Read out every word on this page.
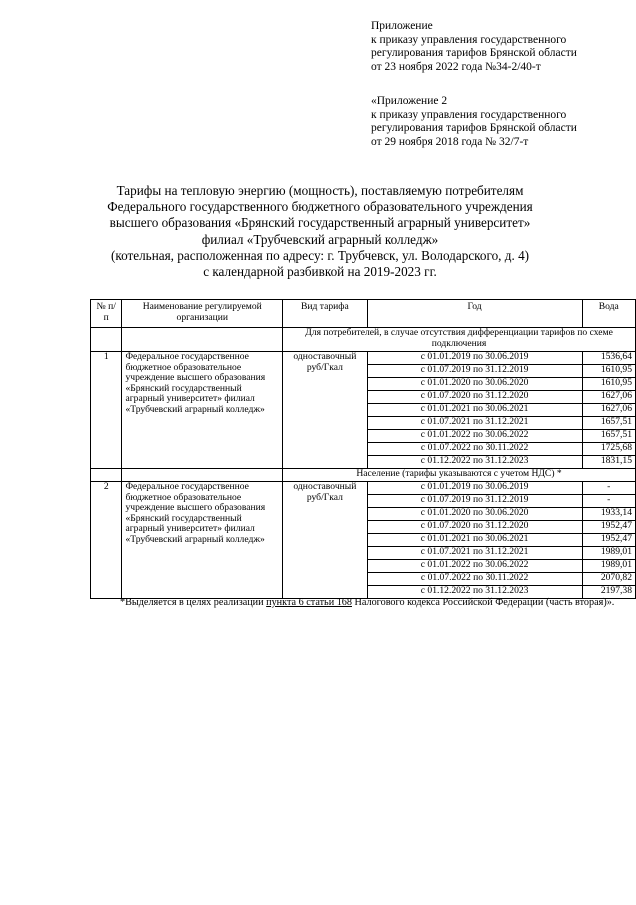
Приложение
к приказу управления государственного
регулирования тарифов Брянской области
от 23 ноября 2022 года №34-2/40-т
«Приложение 2
к приказу управления государственного
регулирования тарифов Брянской области
от 29 ноября 2018 года № 32/7-т
Тарифы на тепловую энергию (мощность), поставляемую потребителям
Федерального государственного бюджетного образовательного учреждения
высшего образования «Брянский государственный аграрный университет»
филиал «Трубчевский аграрный колледж»
(котельная, расположенная по адресу: г. Трубчевск, ул. Володарского, д. 4)
с календарной разбивкой на 2019-2023 гг.
№ п/п	Наименование регулируемой организации	Вид тарифа	Год	Вода
		Для потребителей, в случае отсутствия дифференциации тарифов по схеме подключения		
1	Федеральное государственное бюджетное образовательное учреждение высшего образования «Брянский государственный аграрный университет» филиал «Трубчевский аграрный колледж»	одноставочный руб/Гкал	с 01.01.2019 по 30.06.2019	1536,64
			с 01.07.2019 по 31.12.2019	1610,95
			с 01.01.2020 по 30.06.2020	1610,95
			с 01.07.2020 по 31.12.2020	1627,06
			с 01.01.2021 по 30.06.2021	1627,06
			с 01.07.2021 по 31.12.2021	1657,51
			с 01.01.2022 по 30.06.2022	1657,51
			с 01.07.2022 по 30.11.2022	1725,68
			с 01.12.2022 по 31.12.2023	1831,15
		Население (тарифы указываются с учетом НДС) *		
2	Федеральное государственное бюджетное образовательное учреждение высшего образования «Брянский государственный аграрный университет» филиал «Трубчевский аграрный колледж»	одноставочный руб/Гкал	с 01.01.2019 по 30.06.2019	-
			с 01.07.2019 по 31.12.2019	-
			с 01.01.2020 по 30.06.2020	1933,14
			с 01.07.2020 по 31.12.2020	1952,47
			с 01.01.2021 по 30.06.2021	1952,47
			с 01.07.2021 по 31.12.2021	1989,01
			с 01.01.2022 по 30.06.2022	1989,01
			с 01.07.2022 по 30.11.2022	2070,82
			с 01.12.2022 по 31.12.2023	2197,38
*Выделяется в целях реализации пункта 6 статьи 168 Налогового кодекса Российской Федерации (часть вторая)».
